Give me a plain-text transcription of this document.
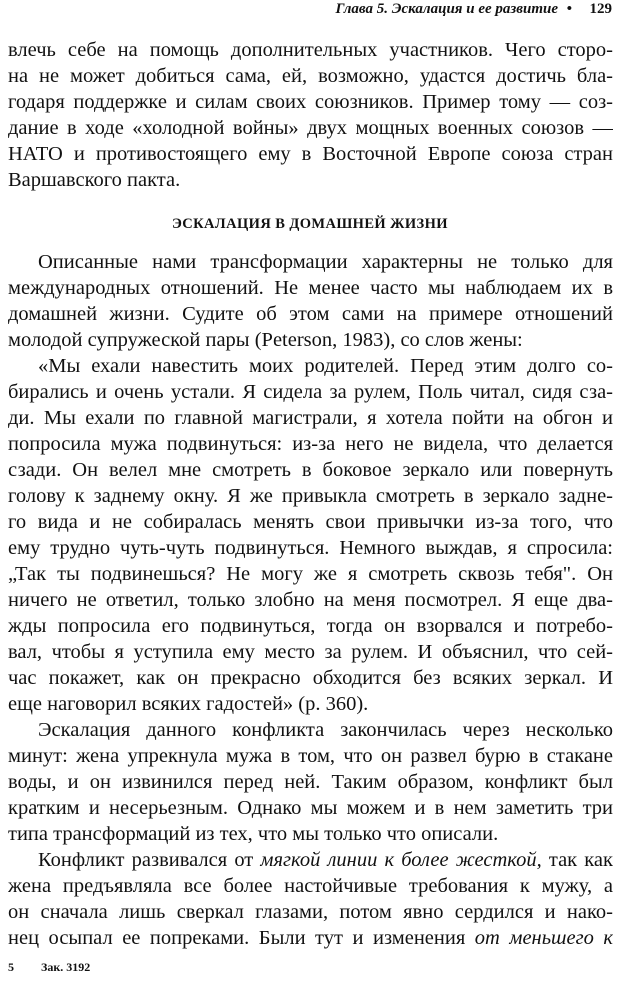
Глава 5. Эскалация и ее развитие • 129
влечь себе на помощь дополнительных участников. Чего сторо-
на не может добиться сама, ей, возможно, удастся достичь бла-
годаря поддержке и силам своих союзников. Пример тому — соз-
дание в ходе «холодной войны» двух мощных военных союзов —
НАТО и противостоящего ему в Восточной Европе союза стран
Варшавского пакта.
ЭСКАЛАЦИЯ В ДОМАШНЕЙ ЖИЗНИ
Описанные нами трансформации характерны не только для
международных отношений. Не менее часто мы наблюдаем их в
домашней жизни. Судите об этом сами на примере отношений
молодой супружеской пары (Peterson, 1983), со слов жены:
«Мы ехали навестить моих родителей. Перед этим долго со-
бирались и очень устали. Я сидела за рулем, Поль читал, сидя сза-
ди. Мы ехали по главной магистрали, я хотела пойти на обгон и
попросила мужа подвинуться: из-за него не видела, что делается
сзади. Он велел мне смотреть в боковое зеркало или повернуть
голову к заднему окну. Я же привыкла смотреть в зеркало задне-
го вида и не собиралась менять свои привычки из-за того, что
ему трудно чуть-чуть подвинуться. Немного выждав, я спросила:
„Так ты подвинешься? Не могу же я смотреть сквозь тебя". Он
ничего не ответил, только злобно на меня посмотрел. Я еще два-
жды попросила его подвинуться, тогда он взорвался и потребо-
вал, чтобы я уступила ему место за рулем. И объяснил, что сей-
час покажет, как он прекрасно обходится без всяких зеркал. И
еще наговорил всяких гадостей» (р. 360).
Эскалация данного конфликта закончилась через несколько
минут: жена упрекнула мужа в том, что он развел бурю в стакане
воды, и он извинился перед ней. Таким образом, конфликт был
кратким и несерьезным. Однако мы можем и в нем заметить три
типа трансформаций из тех, что мы только что описали.
Конфликт развивался от мягкой линии к более жесткой, так как
жена предъявляла все более настойчивые требования к мужу, а
он сначала лишь сверкал глазами, потом явно сердился и нако-
нец осыпал ее попреками. Были тут и изменения от меньшего к
5 Зак. 3192
